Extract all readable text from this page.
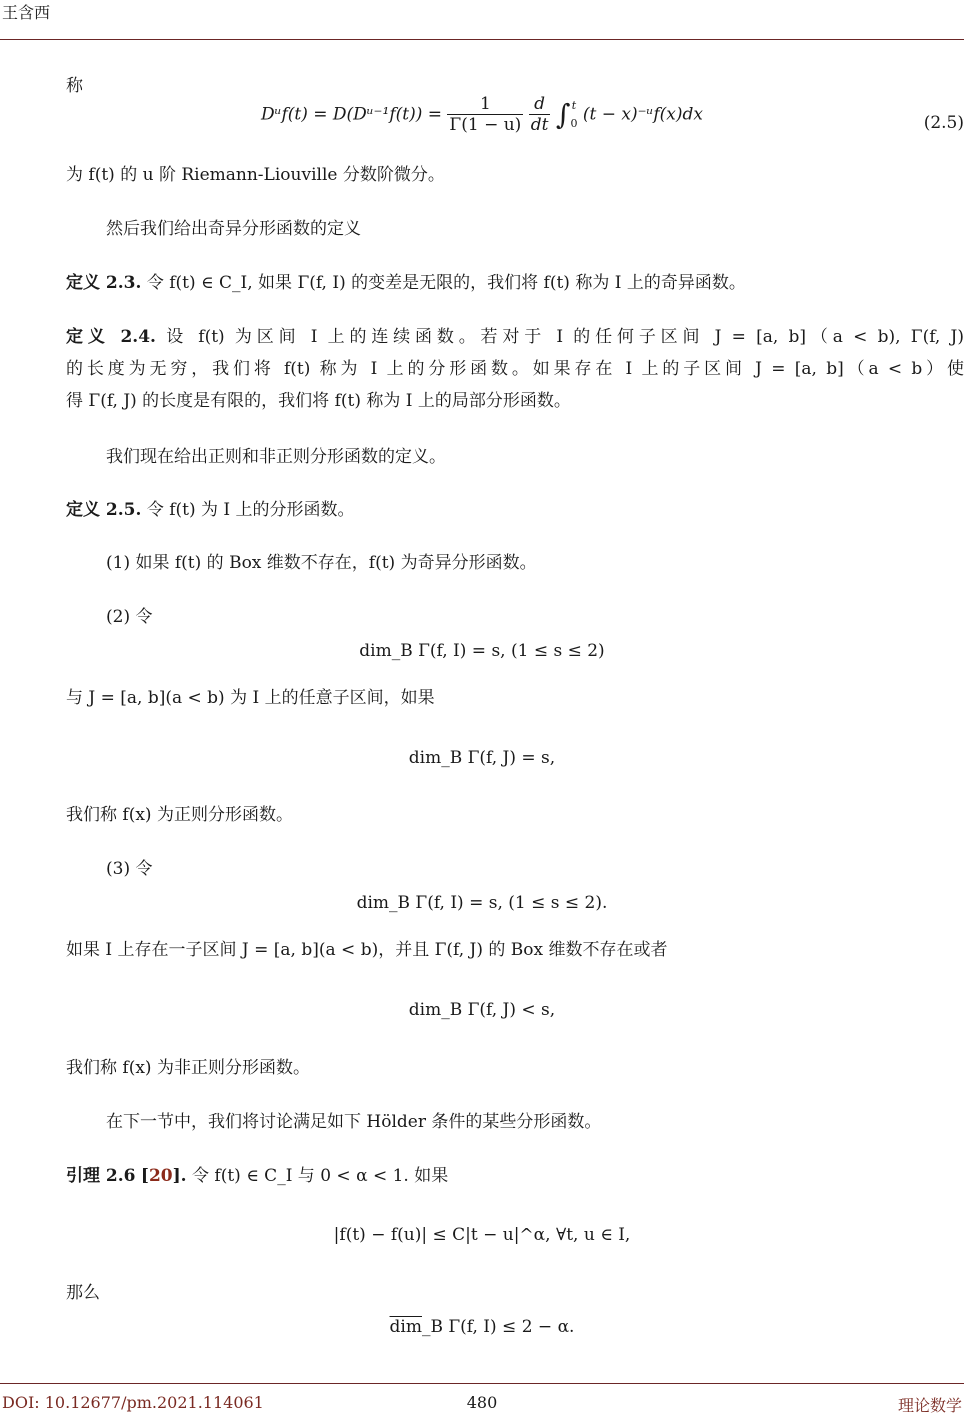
王含西
称
Dᵘf(t) = D(Dᵘ⁻¹f(t)) = $\frac{1}{\Gamma(1 - u)}$
$\frac{d}{dt}$ ∫ t
0 (t − x)⁻ᵘf(x)dx	(2.5)
为 f(t) 的 u 阶 Riemann-Liouville 分数阶微分。
然后我们给出奇异分形函数的定义
定义 2.3. 令 f(t) ∈ C_I, 如果 Γ(f, I) 的变差是无限的，我们将 f(t) 称为 I 上的奇异函数。
定义 2.4. 设 f(t) 为区间 I 上的连续函数。若对于 I 的任何子区间 J = [a, b]（a < b), Γ(f, J)
的长度为无穷，我们将 f(t) 称为 I 上的分形函数。如果存在 I 上的子区间 J = [a, b]（a < b）使
得 Γ(f, J) 的长度是有限的，我们将 f(t) 称为 I 上的局部分形函数。
我们现在给出正则和非正则分形函数的定义。
定义 2.5. 令 f(t) 为 I 上的分形函数。
(1) 如果 f(t) 的 Box 维数不存在，f(t) 为奇异分形函数。
(2) 令
dim_B Γ(f, I) = s, (1 ≤ s ≤ 2)
与 J = [a, b](a < b) 为 I 上的任意子区间，如果
dim_B Γ(f, J) = s,
我们称 f(x) 为正则分形函数。
(3) 令
dim_B Γ(f, I) = s, (1 ≤ s ≤ 2).
如果 I 上存在一子区间 J = [a, b](a < b)，并且 Γ(f, J) 的 Box 维数不存在或者
dim_B Γ(f, J) < s,
我们称 f(x) 为非正则分形函数。
在下一节中，我们将讨论满足如下 Hölder 条件的某些分形函数。
引理 2.6 [20]. 令 f(t) ∈ C_I 与 0 < α < 1. 如果
|f(t) − f(u)| ≤ C|t − u|^α, ∀t, u ∈ I,
那么
$\overline{dim}\_B$ Γ(f, I) ≤ 2 − α.
DOI: 10.12677/pm.2021.114061	480	理论数学
